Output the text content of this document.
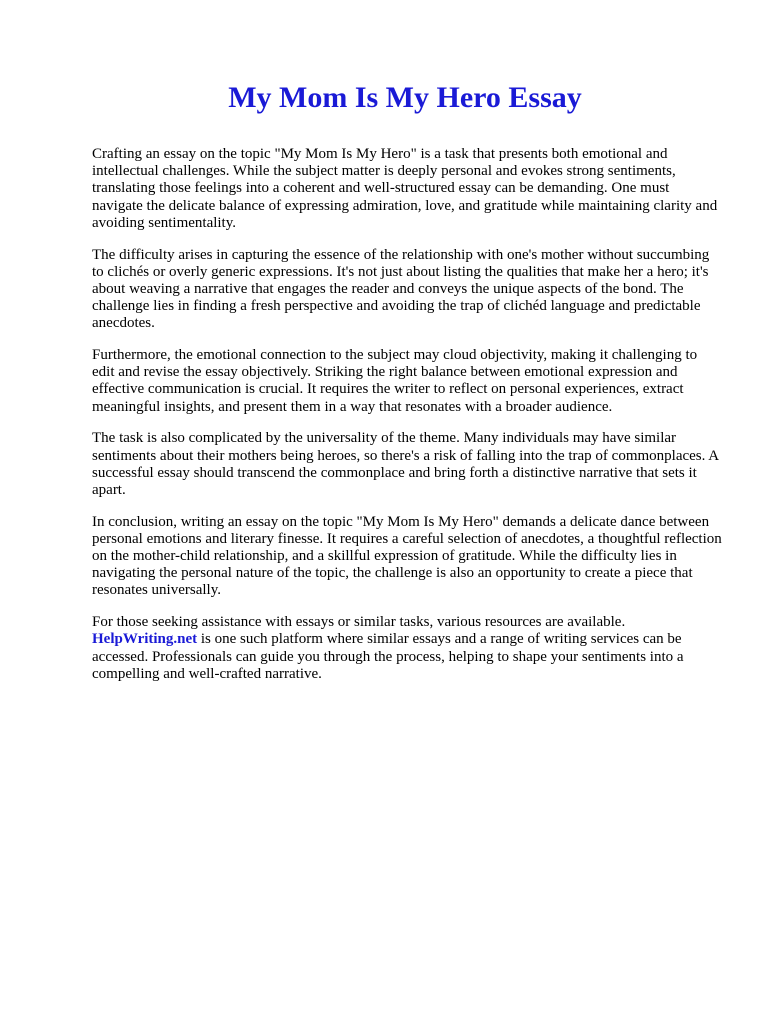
My Mom Is My Hero Essay

Crafting an essay on the topic "My Mom Is My Hero" is a task that presents both emotional and intellectual challenges. While the subject matter is deeply personal and evokes strong sentiments, translating those feelings into a coherent and well-structured essay can be demanding. One must navigate the delicate balance of expressing admiration, love, and gratitude while maintaining clarity and avoiding sentimentality.

The difficulty arises in capturing the essence of the relationship with one's mother without succumbing to clichés or overly generic expressions. It's not just about listing the qualities that make her a hero; it's about weaving a narrative that engages the reader and conveys the unique aspects of the bond. The challenge lies in finding a fresh perspective and avoiding the trap of clichéd language and predictable anecdotes.

Furthermore, the emotional connection to the subject may cloud objectivity, making it challenging to edit and revise the essay objectively. Striking the right balance between emotional expression and effective communication is crucial. It requires the writer to reflect on personal experiences, extract meaningful insights, and present them in a way that resonates with a broader audience.

The task is also complicated by the universality of the theme. Many individuals may have similar sentiments about their mothers being heroes, so there's a risk of falling into the trap of commonplaces. A successful essay should transcend the commonplace and bring forth a distinctive narrative that sets it apart.

In conclusion, writing an essay on the topic "My Mom Is My Hero" demands a delicate dance between personal emotions and literary finesse. It requires a careful selection of anecdotes, a thoughtful reflection on the mother-child relationship, and a skillful expression of gratitude. While the difficulty lies in navigating the personal nature of the topic, the challenge is also an opportunity to create a piece that resonates universally.

For those seeking assistance with essays or similar tasks, various resources are available.
HelpWriting.net is one such platform where similar essays and a range of writing services can be accessed. Professionals can guide you through the process, helping to shape your sentiments into a compelling and well-crafted narrative.
